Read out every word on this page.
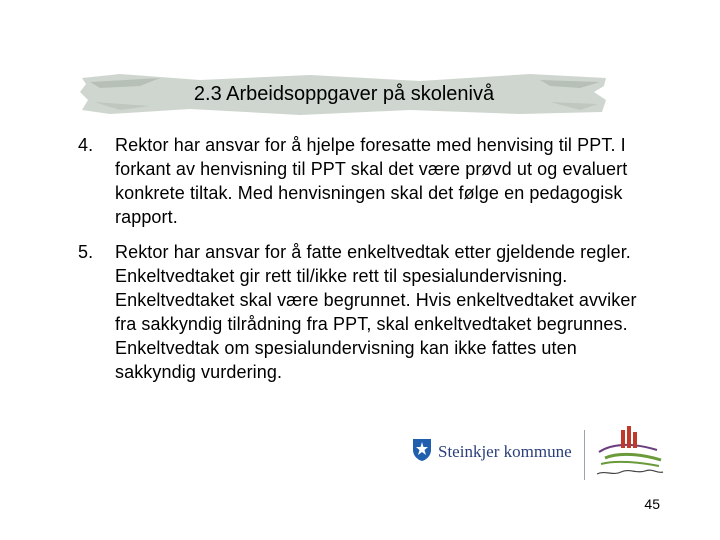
2.3 Arbeidsoppgaver på skolenivå
4.	Rektor har ansvar for å hjelpe foresatte med henvising til PPT. I forkant av henvisning til PPT skal det være prøvd ut og evaluert konkrete tiltak. Med henvisningen skal det følge en pedagogisk rapport.
5.	Rektor har ansvar for å fatte enkeltvedtak etter gjeldende regler. Enkeltvedtaket gir rett til/ikke rett til spesialundervisning. Enkeltvedtaket skal være begrunnet. Hvis enkeltvedtaket avviker fra sakkyndig tilrådning fra PPT, skal enkeltvedtaket begrunnes. Enkeltvedtak om spesialundervisning kan ikke fattes uten sakkyndig vurdering.
Steinkjer kommune
45
